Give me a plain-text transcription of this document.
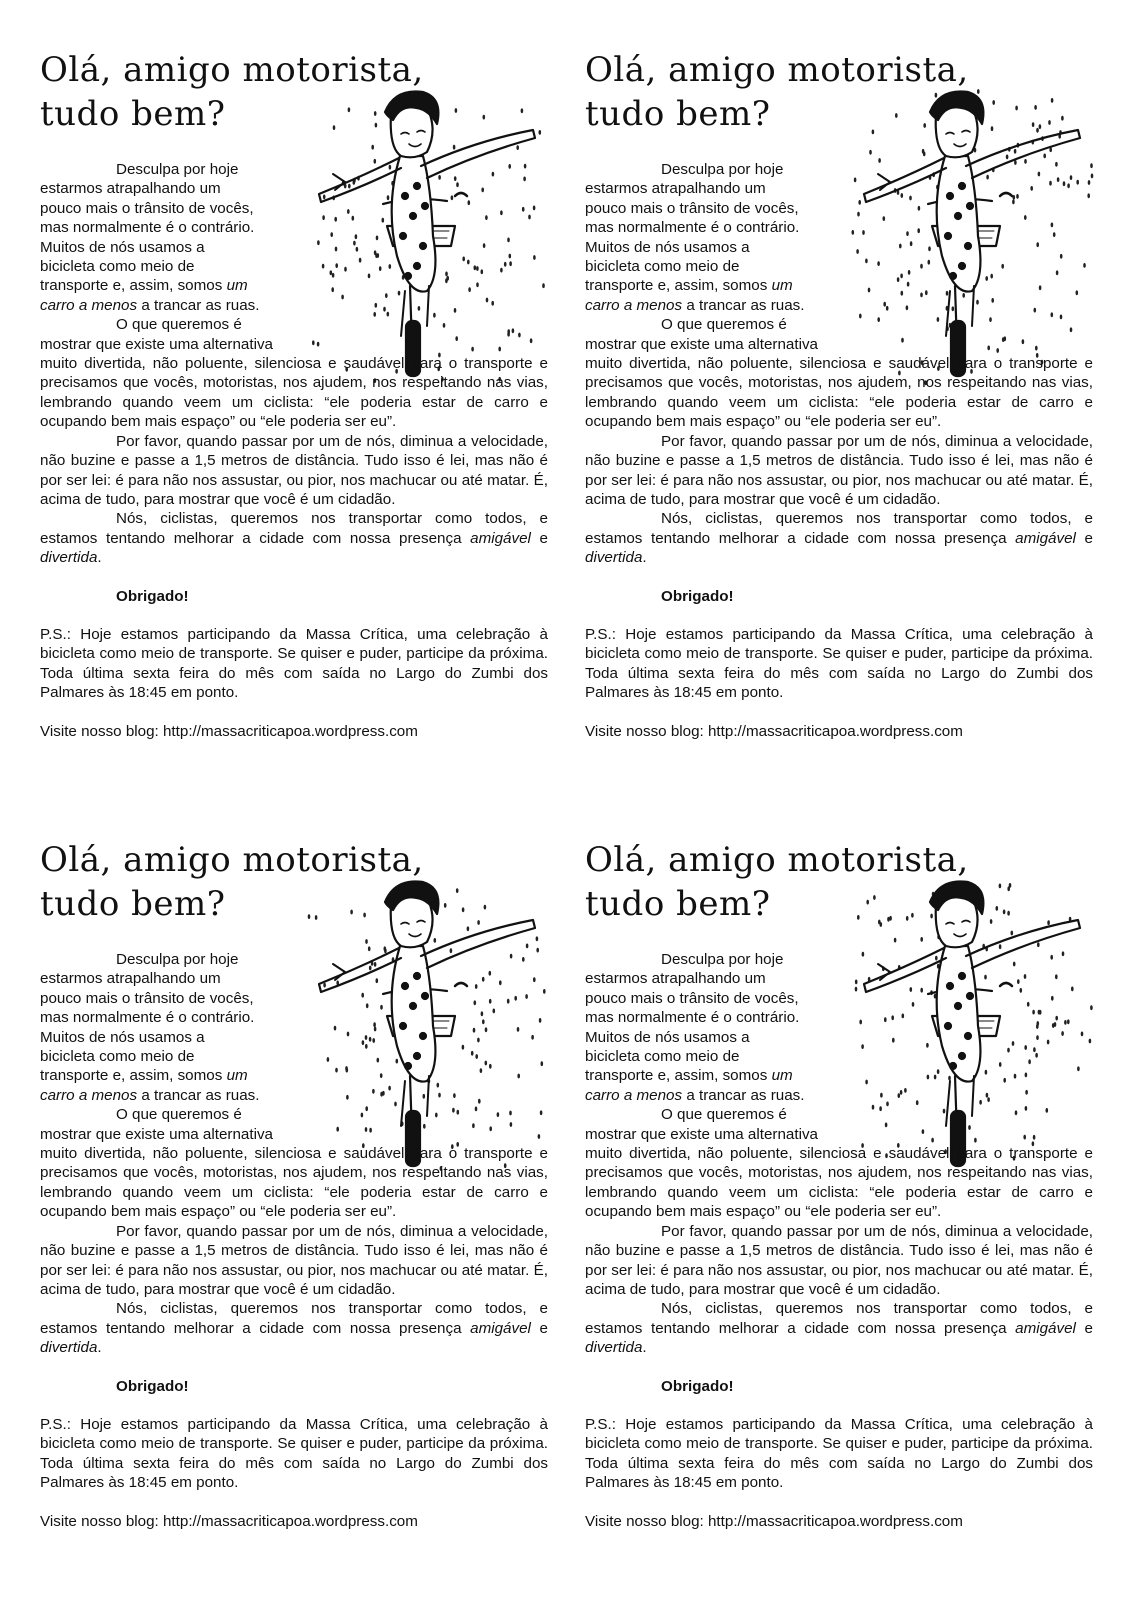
Olá, amigo motorista,
tudo bem?

Desculpa por hoje

estarmos atrapalhando um

pouco mais o trânsito de vocês,

mas normalmente é o contrário.

Muitos de nós usamos a

bicicleta como meio de

transporte e, assim, somos um

carro a menos a trancar as ruas.

O que queremos é

mostrar que existe uma alternativa

muito divertida, não poluente, silenciosa e saudável para o transporte e precisamos que vocês, motoristas, nos ajudem, nos respeitando nas vias, lembrando quando veem um ciclista: “ele poderia estar de carro e ocupando bem mais espaço” ou “ele poderia ser eu”.

Por favor, quando passar por um de nós, diminua a velocidade, não buzine e passe a 1,5 metros de distância. Tudo isso é lei, mas não é por ser lei: é para não nos assustar, ou pior, nos machucar ou até matar. É, acima de tudo, para mostrar que você é um cidadão.

Nós, ciclistas, queremos nos transportar como todos, e estamos tentando melhorar a cidade com nossa presença amigável e divertida.

Obrigado!

P.S.: Hoje estamos participando da Massa Crítica, uma celebração à bicicleta como meio de transporte. Se quiser e puder, participe da próxima. Toda última sexta feira do mês com saída no Largo do Zumbi dos Palmares às 18:45 em ponto.

Visite nosso blog: http://massacriticapoa.wordpress.com

Olá, amigo motorista,
tudo bem?

Desculpa por hoje

estarmos atrapalhando um

pouco mais o trânsito de vocês,

mas normalmente é o contrário.

Muitos de nós usamos a

bicicleta como meio de

transporte e, assim, somos um

carro a menos a trancar as ruas.

O que queremos é

mostrar que existe uma alternativa

muito divertida, não poluente, silenciosa e saudável para o transporte e precisamos que vocês, motoristas, nos ajudem, nos respeitando nas vias, lembrando quando veem um ciclista: “ele poderia estar de carro e ocupando bem mais espaço” ou “ele poderia ser eu”.

Por favor, quando passar por um de nós, diminua a velocidade, não buzine e passe a 1,5 metros de distância. Tudo isso é lei, mas não é por ser lei: é para não nos assustar, ou pior, nos machucar ou até matar. É, acima de tudo, para mostrar que você é um cidadão.

Nós, ciclistas, queremos nos transportar como todos, e estamos tentando melhorar a cidade com nossa presença amigável e divertida.

Obrigado!

P.S.: Hoje estamos participando da Massa Crítica, uma celebração à bicicleta como meio de transporte. Se quiser e puder, participe da próxima. Toda última sexta feira do mês com saída no Largo do Zumbi dos Palmares às 18:45 em ponto.

Visite nosso blog: http://massacriticapoa.wordpress.com

Olá, amigo motorista,
tudo bem?

Desculpa por hoje

estarmos atrapalhando um

pouco mais o trânsito de vocês,

mas normalmente é o contrário.

Muitos de nós usamos a

bicicleta como meio de

transporte e, assim, somos um

carro a menos a trancar as ruas.

O que queremos é

mostrar que existe uma alternativa

muito divertida, não poluente, silenciosa e saudável para o transporte e precisamos que vocês, motoristas, nos ajudem, nos respeitando nas vias, lembrando quando veem um ciclista: “ele poderia estar de carro e ocupando bem mais espaço” ou “ele poderia ser eu”.

Por favor, quando passar por um de nós, diminua a velocidade, não buzine e passe a 1,5 metros de distância. Tudo isso é lei, mas não é por ser lei: é para não nos assustar, ou pior, nos machucar ou até matar. É, acima de tudo, para mostrar que você é um cidadão.

Nós, ciclistas, queremos nos transportar como todos, e estamos tentando melhorar a cidade com nossa presença amigável e divertida.

Obrigado!

P.S.: Hoje estamos participando da Massa Crítica, uma celebração à bicicleta como meio de transporte. Se quiser e puder, participe da próxima. Toda última sexta feira do mês com saída no Largo do Zumbi dos Palmares às 18:45 em ponto.

Visite nosso blog: http://massacriticapoa.wordpress.com

Olá, amigo motorista,
tudo bem?

Desculpa por hoje

estarmos atrapalhando um

pouco mais o trânsito de vocês,

mas normalmente é o contrário.

Muitos de nós usamos a

bicicleta como meio de

transporte e, assim, somos um

carro a menos a trancar as ruas.

O que queremos é

mostrar que existe uma alternativa

muito divertida, não poluente, silenciosa e saudável para o transporte e precisamos que vocês, motoristas, nos ajudem, nos respeitando nas vias, lembrando quando veem um ciclista: “ele poderia estar de carro e ocupando bem mais espaço” ou “ele poderia ser eu”.

Por favor, quando passar por um de nós, diminua a velocidade, não buzine e passe a 1,5 metros de distância. Tudo isso é lei, mas não é por ser lei: é para não nos assustar, ou pior, nos machucar ou até matar. É, acima de tudo, para mostrar que você é um cidadão.

Nós, ciclistas, queremos nos transportar como todos, e estamos tentando melhorar a cidade com nossa presença amigável e divertida.

Obrigado!

P.S.: Hoje estamos participando da Massa Crítica, uma celebração à bicicleta como meio de transporte. Se quiser e puder, participe da próxima. Toda última sexta feira do mês com saída no Largo do Zumbi dos Palmares às 18:45 em ponto.

Visite nosso blog: http://massacriticapoa.wordpress.com
